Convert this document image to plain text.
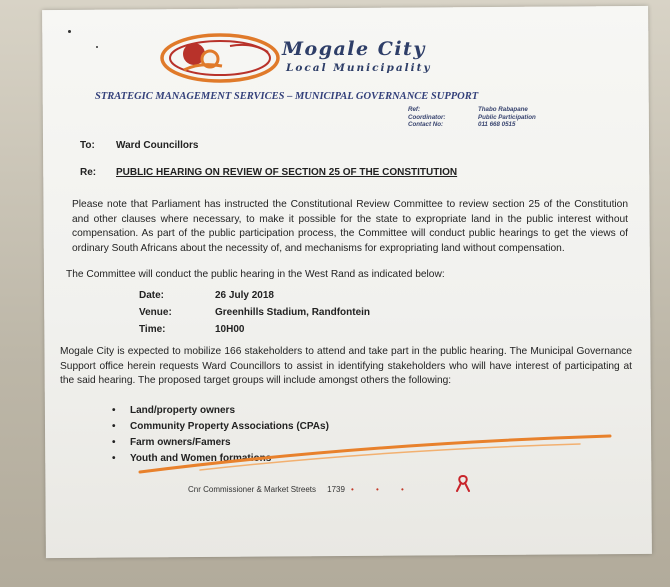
Mogale City
Local Municipality
STRATEGIC MANAGEMENT SERVICES – MUNICIPAL GOVERNANCE SUPPORT
Ref:	Thabo Rabapane
Coordinator:	Public Participation
Contact No:	011 668 0515
To: Ward Councillors
Re: PUBLIC HEARING ON REVIEW OF SECTION 25 OF THE CONSTITUTION

Please note that Parliament has instructed the Constitutional Review Committee to review section 25 of the Constitution and other clauses where necessary, to make it possible for the state to expropriate land in the public interest without compensation. As part of the public participation process, the Committee will conduct public hearings to get the views of ordinary South Africans about the necessity of, and mechanisms for expropriating land without compensation.

The Committee will conduct the public hearing in the West Rand as indicated below:
Date:	26 July 2018
Venue:	Greenhills Stadium, Randfontein
Time:	10H00

Mogale City is expected to mobilize 166 stakeholders to attend and take part in the public hearing. The Municipal Governance Support office herein requests Ward Councillors to assist in identifying stakeholders who will have interest of participating at the said hearing. The proposed target groups will include amongst others the following:

• Land/property owners
• Community Property Associations (CPAs)
• Farm owners/Famers
• Youth and Women formations
Cnr Commissioner & Market Streets 1739 • • •
